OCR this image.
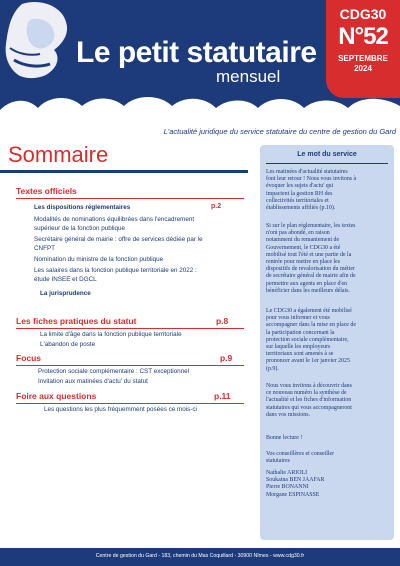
Le petit statutaire
mensuel
CDG30
N°52
SEPTEMBRE
2024
L'actualité juridique du service statutaire du centre de gestion du Gard
Sommaire
Textes officiels
Les dispositions réglementaires	p.2
Modalités de nominations équilibrées dans l'encadrement
supérieur de la fonction publique
Secrétaire général de mairie : offre de services dédiée par le
CNFPT
Nomination du ministre de la fonction publique
Les salaires dans la fonction publique territoriale en 2022 :
étude INSEE et DGCL
La jurisprudence
Les fiches pratiques du statut	p.8
La limite d'âge dans la fonction publique territoriale
L'abandon de poste
Focus	p.9
Protection sociale complémentaire : CST exceptionnel
Invitation aux matinées d'actu' du statut
Foire aux questions	p.11
Les questions les plus fréquemment posées ce mois-ci
Le mot du service
Les matinées d'actualité statutaires
font leur retour ! Nous vous invitons à
évoquer les sujets d'actu' qui
impactent la gestion RH des
collectivités territoriales et
établissements affiliés (p.10).
Si sur le plan réglementaire, les textes
n'ont pas abondé, en raison
notamment du remaniement de
Gouvernement, le CDG30 a été
mobilisé tout l'été et une partie de la
rentrée pour mettre en place les
dispositifs de revalorisation du métier
de secrétaire général de mairie afin de
permettre aux agents en place d'en
bénéficier dans les meilleurs délais.
Le CDG30 a également été mobilisé
pour vous informer et vous
accompagner dans la mise en place de
la participation concernant la
protection sociale complémentaire,
sur laquelle les employeurs
territoriaux sont amenés à se
prononcer avant le 1er janvier 2025
(p.9).
Nous vous invitons à découvrir dans
ce nouveau numéro la synthèse de
l'actualité et les fiches d'information
statutaires qui vous accompagneront
dans vos missions.
Bonne lecture !
Vos conseillères et conseiller
statutaires
Nathalie ARIOLI
Soukaina BEN JAAFAR
Pierre BONANNI
Morgane ESPINASSE
Centre de gestion du Gard - 183, chemin du Mas Coquillard - 30900 Nîmes - www.cdg30.fr
